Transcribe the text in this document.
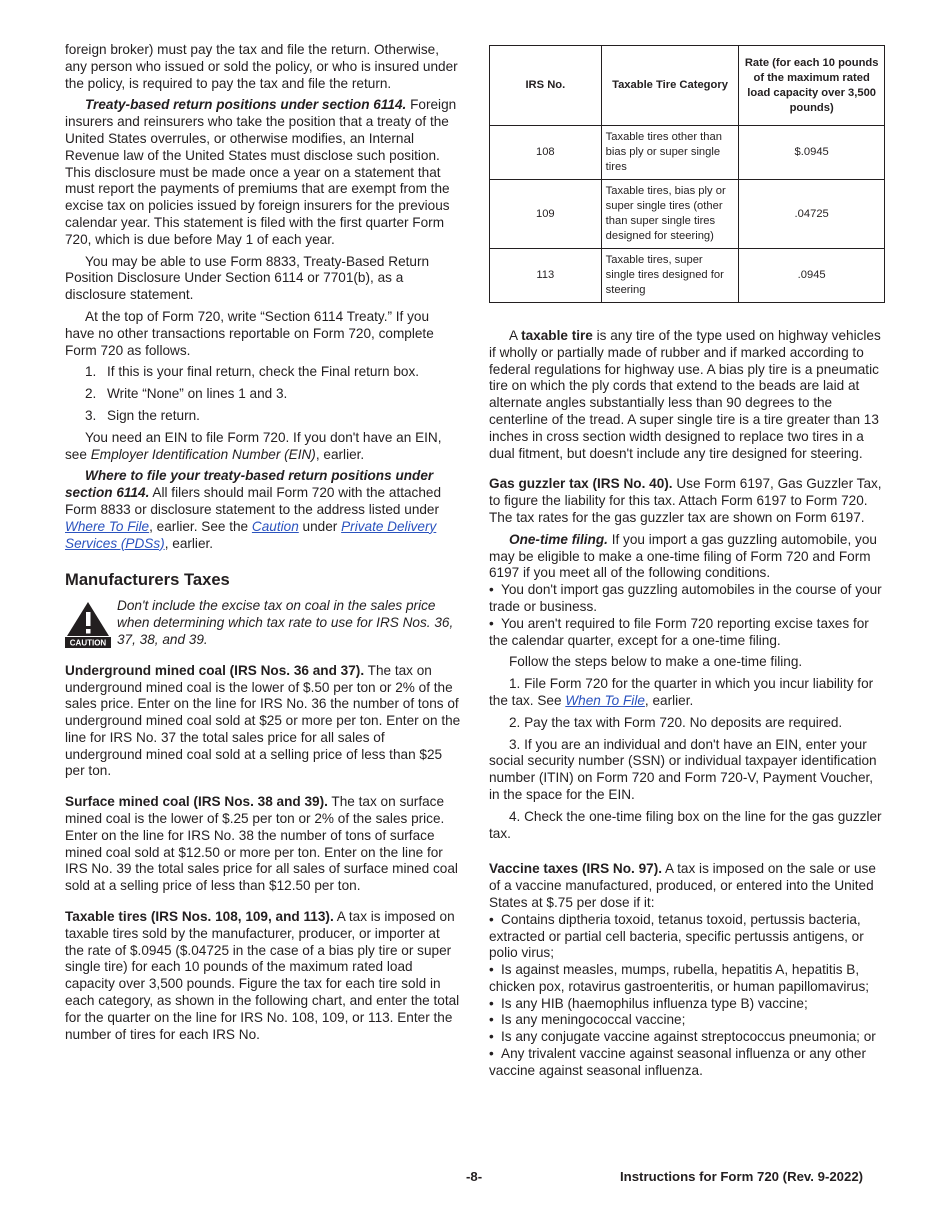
foreign broker) must pay the tax and file the return. Otherwise, any person who issued or sold the policy, or who is insured under the policy, is required to pay the tax and file the return.

Treaty-based return positions under section 6114. Foreign insurers and reinsurers who take the position that a treaty of the United States overrules, or otherwise modifies, an Internal Revenue law of the United States must disclose such position. This disclosure must be made once a year on a statement that must report the payments of premiums that are exempt from the excise tax on policies issued by foreign insurers for the previous calendar year. This statement is filed with the first quarter Form 720, which is due before May 1 of each year.

You may be able to use Form 8833, Treaty-Based Return Position Disclosure Under Section 6114 or 7701(b), as a disclosure statement.

At the top of Form 720, write “Section 6114 Treaty.” If you have no other transactions reportable on Form 720, complete Form 720 as follows.

1. If this is your final return, check the Final return box.
2. Write “None” on lines 1 and 3.
3. Sign the return.

You need an EIN to file Form 720. If you don't have an EIN, see Employer Identification Number (EIN), earlier.

Where to file your treaty-based return positions under section 6114. All filers should mail Form 720 with the attached Form 8833 or disclosure statement to the address listed under Where To File, earlier. See the Caution under Private Delivery Services (PDSs), earlier.

Manufacturers Taxes
CAUTION
Don't include the excise tax on coal in the sales price when determining which tax rate to use for IRS Nos. 36, 37, 38, and 39.

Underground mined coal (IRS Nos. 36 and 37). The tax on underground mined coal is the lower of $.50 per ton or 2% of the sales price. Enter on the line for IRS No. 36 the number of tons of underground mined coal sold at $25 or more per ton. Enter on the line for IRS No. 37 the total sales price for all sales of underground mined coal sold at a selling price of less than $25 per ton.

Surface mined coal (IRS Nos. 38 and 39). The tax on surface mined coal is the lower of $.25 per ton or 2% of the sales price. Enter on the line for IRS No. 38 the number of tons of surface mined coal sold at $12.50 or more per ton. Enter on the line for IRS No. 39 the total sales price for all sales of surface mined coal sold at a selling price of less than $12.50 per ton.

Taxable tires (IRS Nos. 108, 109, and 113). A tax is imposed on taxable tires sold by the manufacturer, producer, or importer at the rate of $.0945 ($.04725 in the case of a bias ply tire or super single tire) for each 10 pounds of the maximum rated load capacity over 3,500 pounds. Figure the tax for each tire sold in each category, as shown in the following chart, and enter the total for the quarter on the line for IRS No. 108, 109, or 113. Enter the number of tires for each IRS No.

IRS No.	Taxable Tire Category	Rate (for each 10 pounds of the maximum rated load capacity over 3,500 pounds)
108	Taxable tires other than bias ply or super single tires	$.0945
109	Taxable tires, bias ply or super single tires (other than super single tires designed for steering)	.04725
113	Taxable tires, super single tires designed for steering	.0945

A taxable tire is any tire of the type used on highway vehicles if wholly or partially made of rubber and if marked according to federal regulations for highway use. A bias ply tire is a pneumatic tire on which the ply cords that extend to the beads are laid at alternate angles substantially less than 90 degrees to the centerline of the tread. A super single tire is a tire greater than 13 inches in cross section width designed to replace two tires in a dual fitment, but doesn't include any tire designed for steering.

Gas guzzler tax (IRS No. 40). Use Form 6197, Gas Guzzler Tax, to figure the liability for this tax. Attach Form 6197 to Form 720. The tax rates for the gas guzzler tax are shown on Form 6197.

One-time filing. If you import a gas guzzling automobile, you may be eligible to make a one-time filing of Form 720 and Form 6197 if you meet all of the following conditions.

• You don't import gas guzzling automobiles in the course of your trade or business.
• You aren't required to file Form 720 reporting excise taxes for the calendar quarter, except for a one-time filing.

Follow the steps below to make a one-time filing.

1. File Form 720 for the quarter in which you incur liability for the tax. See When To File, earlier.

2. Pay the tax with Form 720. No deposits are required.

3. If you are an individual and don't have an EIN, enter your social security number (SSN) or individual taxpayer identification number (ITIN) on Form 720 and Form 720-V, Payment Voucher, in the space for the EIN.

4. Check the one-time filing box on the line for the gas guzzler tax.

Vaccine taxes (IRS No. 97). A tax is imposed on the sale or use of a vaccine manufactured, produced, or entered into the United States at $.75 per dose if it:

• Contains diptheria toxoid, tetanus toxoid, pertussis bacteria, extracted or partial cell bacteria, specific pertussis antigens, or polio virus;
• Is against measles, mumps, rubella, hepatitis A, hepatitis B, chicken pox, rotavirus gastroenteritis, or human papillomavirus;
• Is any HIB (haemophilus influenza type B) vaccine;
• Is any meningococcal vaccine;
• Is any conjugate vaccine against streptococcus pneumonia; or
• Any trivalent vaccine against seasonal influenza or any other vaccine against seasonal influenza.
-8-	Instructions for Form 720 (Rev. 9-2022)
